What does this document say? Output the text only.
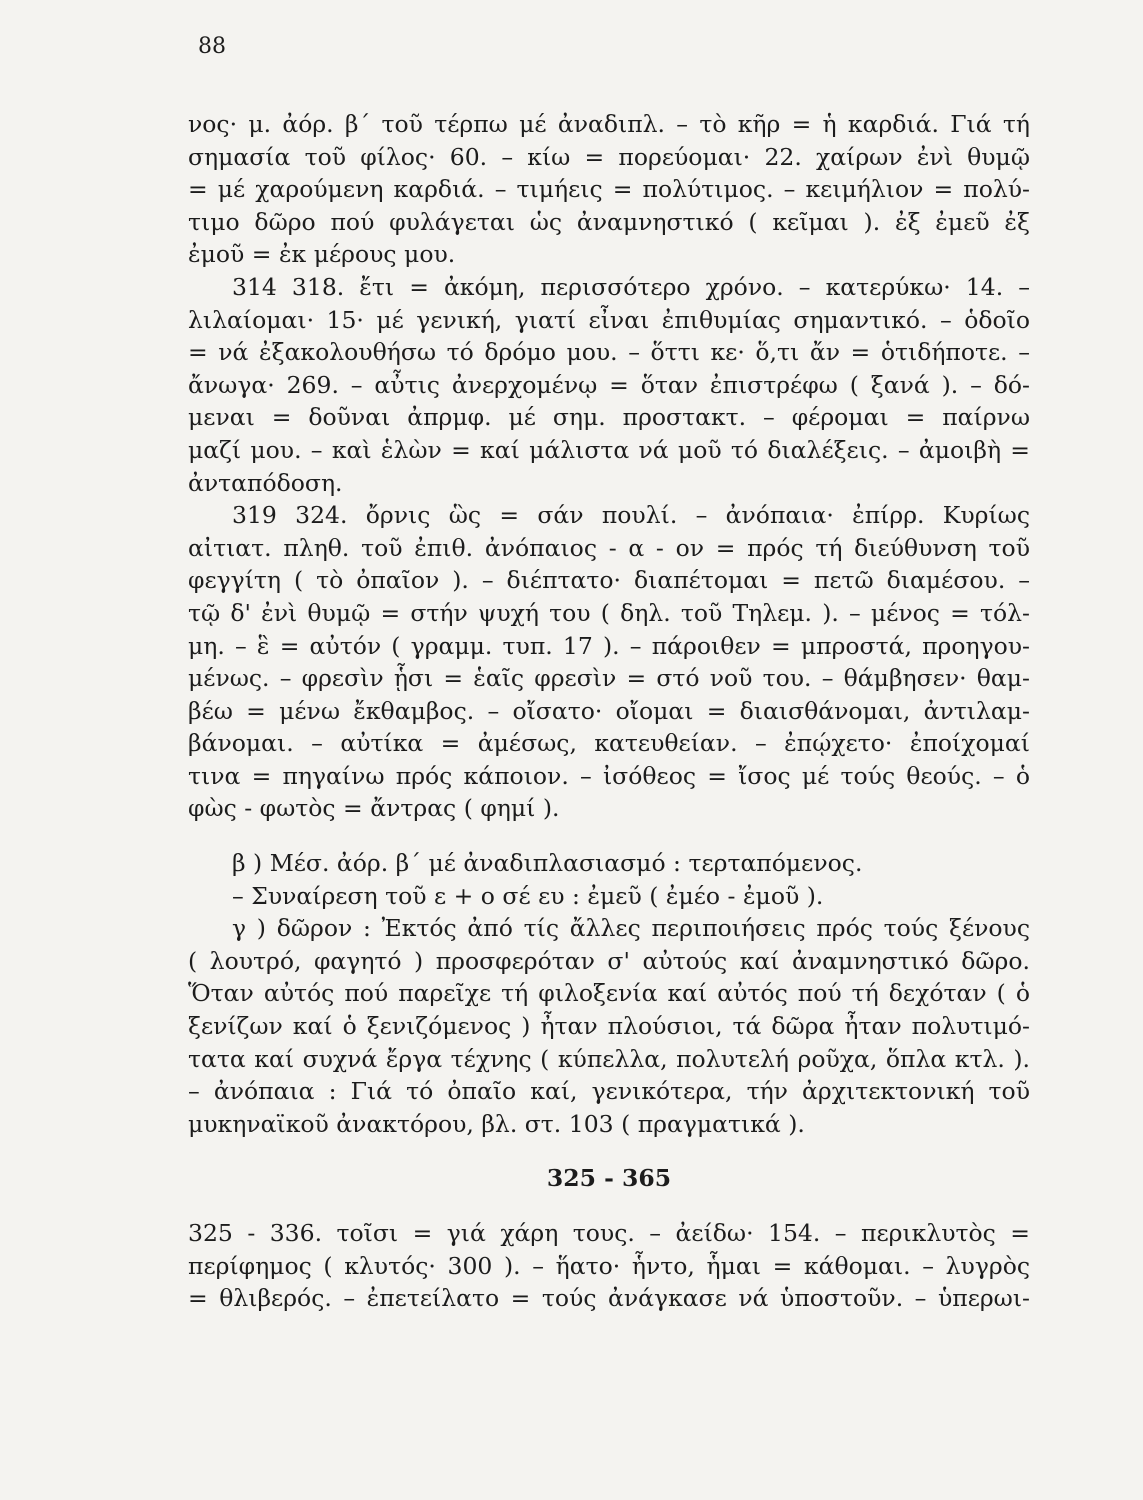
88
νος· μ. ἀόρ. β΄ τοῦ τέρπω μέ ἀναδιπλ. – τὸ κῆρ = ἡ καρδιά. Γιά τή
σημασία τοῦ φίλος· 60. – κίω = πορεύομαι· 22. χαίρων ἐνὶ θυμῷ
= μέ χαρούμενη καρδιά. – τιμήεις = πολύτιμος. – κειμήλιον = πολύ-
τιμο δῶρο πού φυλάγεται ὡς ἀναμνηστικό ( κεῖμαι ). ἐξ ἐμεῦ ἐξ
ἐμοῦ = ἐκ μέρους μου.
314 318. ἔτι = ἀκόμη, περισσότερο χρόνο. – κατερύκω· 14. –
λιλαίομαι· 15· μέ γενική, γιατί εἶναι ἐπιθυμίας σημαντικό. – ὁδοῖο
= νά ἐξακολουθήσω τό δρόμο μου. – ὅττι κε· ὅ,τι ἄν = ὁτιδήποτε. –
ἄνωγα· 269. – αὖτις ἀνερχομένῳ = ὅταν ἐπιστρέφω ( ξανά ). – δό-
μεναι = δοῦναι ἀπρμφ. μέ σημ. προστακτ. – φέρομαι = παίρνω
μαζί μου. – καὶ ἑλὼν = καί μάλιστα νά μοῦ τό διαλέξεις. – ἀμοιβὴ =
ἀνταπόδοση.
319 324. ὄρνις ὣς = σάν πουλί. – ἀνόπαια· ἐπίρρ. Κυρίως
αἰτιατ. πληθ. τοῦ ἐπιθ. ἀνόπαιος - α - ον = πρός τή διεύθυνση τοῦ
φεγγίτη ( τὸ ὀπαῖον ). – διέπτατο· διαπέτομαι = πετῶ διαμέσου. –
τῷ δ' ἐνὶ θυμῷ = στήν ψυχή του ( δηλ. τοῦ Τηλεμ. ). – μένος = τόλ-
μη. – ἓ = αὐτόν ( γραμμ. τυπ. 17 ). – πάροιθεν = μπροστά, προηγου-
μένως. – φρεσὶν ᾗσι = ἑαῖς φρεσὶν = στό νοῦ του. – θάμβησεν· θαμ-
βέω = μένω ἔκθαμβος. – οἴσατο· οἴομαι = διαισθάνομαι, ἀντιλαμ-
βάνομαι. – αὐτίκα = ἀμέσως, κατευθείαν. – ἐπῴχετο· ἐποίχομαί
τινα = πηγαίνω πρός κάποιον. – ἰσόθεος = ἴσος μέ τούς θεούς. – ὁ
φὼς - φωτὸς = ἄντρας ( φημί ).
β ) Μέσ. ἀόρ. β΄ μέ ἀναδιπλασιασμό : τερταπόμενος.
– Συναίρεση τοῦ ε + ο σέ ευ : ἐμεῦ ( ἐμέο - ἐμοῦ ).
γ ) δῶρον : Ἐκτός ἀπό τίς ἄλλες περιποιήσεις πρός τούς ξένους
( λουτρό, φαγητό ) προσφερόταν σ' αὐτούς καί ἀναμνηστικό δῶρο.
Ὅταν αὐτός πού παρεῖχε τή φιλοξενία καί αὐτός πού τή δεχόταν ( ὁ
ξενίζων καί ὁ ξενιζόμενος ) ἦταν πλούσιοι, τά δῶρα ἦταν πολυτιμό-
τατα καί συχνά ἔργα τέχνης ( κύπελλα, πολυτελή ροῦχα, ὅπλα κτλ. ).
– ἀνόπαια : Γιά τό ὀπαῖο καί, γενικότερα, τήν ἀρχιτεκτονική τοῦ
μυκηναϊκοῦ ἀνακτόρου, βλ. στ. 103 ( πραγματικά ).
325 - 365
325 - 336. τοῖσι = γιά χάρη τους. – ἀείδω· 154. – περικλυτὸς =
περίφημος ( κλυτός· 300 ). – ἥατο· ἧντο, ἧμαι = κάθομαι. – λυγρὸς
= θλιβερός. – ἐπετείλατο = τούς ἀνάγκασε νά ὑποστοῦν. – ὑπερωι-
